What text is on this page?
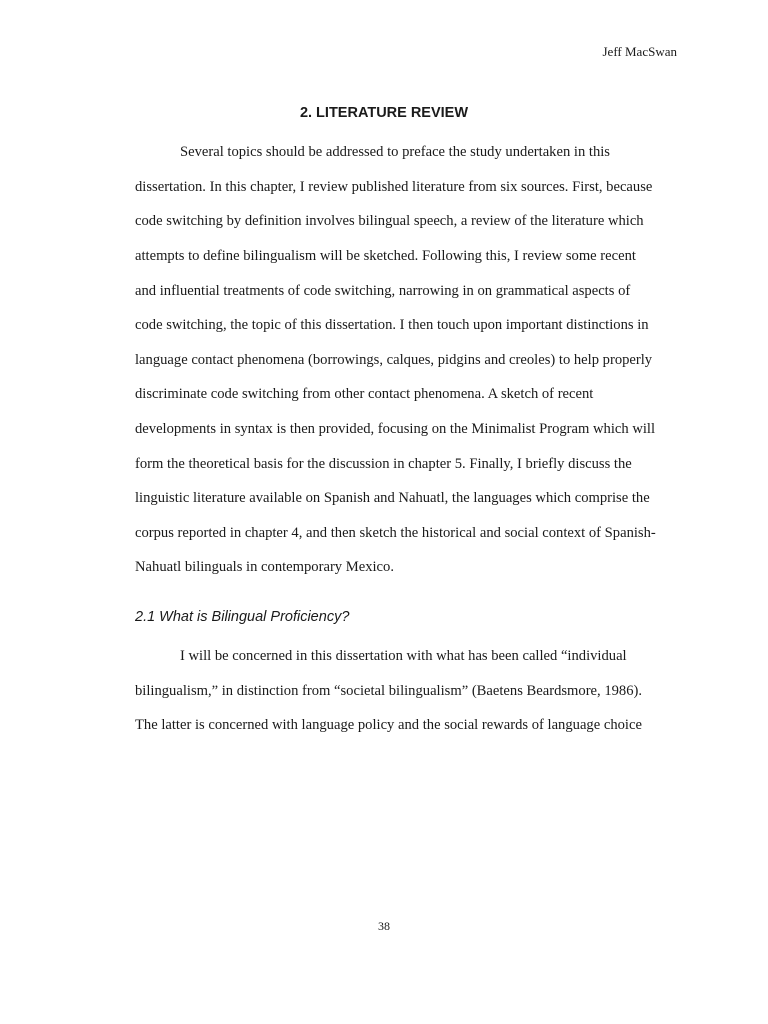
Jeff MacSwan
2. LITERATURE REVIEW
Several topics should be addressed to preface the study undertaken in this
dissertation. In this chapter, I review published literature from six sources. First, because
code switching by definition involves bilingual speech, a review of the literature which
attempts to define bilingualism will be sketched. Following this, I review some recent
and influential treatments of code switching, narrowing in on grammatical aspects of
code switching, the topic of this dissertation. I then touch upon important distinctions in
language contact phenomena (borrowings, calques, pidgins and creoles) to help properly
discriminate code switching from other contact phenomena. A sketch of recent
developments in syntax is then provided, focusing on the Minimalist Program which will
form the theoretical basis for the discussion in chapter 5. Finally, I briefly discuss the
linguistic literature available on Spanish and Nahuatl, the languages which comprise the
corpus reported in chapter 4, and then sketch the historical and social context of Spanish-
Nahuatl bilinguals in contemporary Mexico.
2.1 What is Bilingual Proficiency?
I will be concerned in this dissertation with what has been called “individual
bilingualism,” in distinction from “societal bilingualism” (Baetens Beardsmore, 1986).
The latter is concerned with language policy and the social rewards of language choice
38
